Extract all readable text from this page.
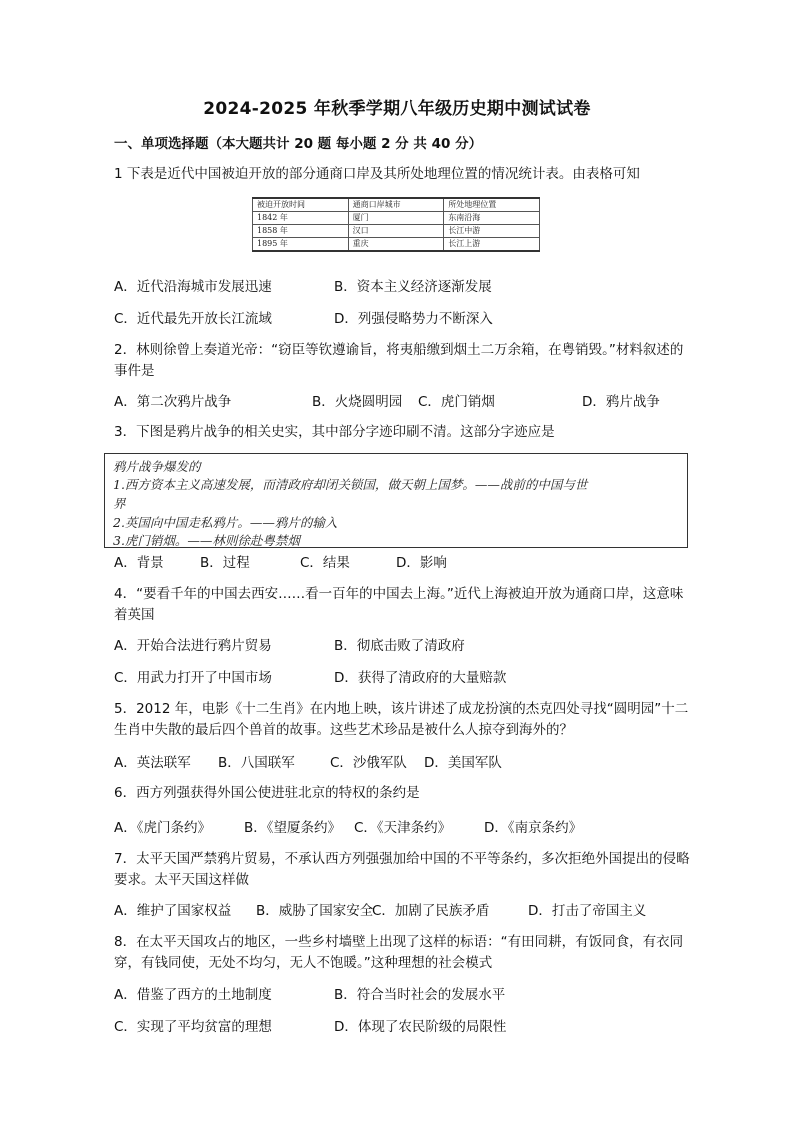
2024-2025 年秋季学期八年级历史期中测试试卷
一、单项选择题（本大题共计 20 题 每小题 2 分 共 40 分）
1 下表是近代中国被迫开放的部分通商口岸及其所处地理位置的情况统计表。由表格可知
被迫开放时间	通商口岸城市	所处地理位置
1842 年	厦门	东南沿海
1858 年	汉口	长江中游
1895 年	重庆	长江上游
A．近代沿海城市发展迅速	B．资本主义经济逐渐发展
C．近代最先开放长江流域	D．列强侵略势力不断深入
2．林则徐曾上奏道光帝：“窃臣等钦遵谕旨，将夷船缴到烟土二万余箱，在粤销毁。”材料叙述的事件是
A．第二次鸦片战争	B．火烧圆明园 C．虎门销烟	D．鸦片战争
3．下图是鸦片战争的相关史实，其中部分字迹印刷不清。这部分字迹应是
鸦片战争爆发的
1.西方资本主义高速发展，而清政府却闭关锁国，做天朝上国梦。——战前的中国与世
界
2.英国向中国走私鸦片。——鸦片的输入
3.虎门销烟。——林则徐赴粤禁烟
A．背景	B．过程	C．结果	D．影响
4．“要看千年的中国去西安……看一百年的中国去上海。”近代上海被迫开放为通商口岸，这意味着英国
A．开始合法进行鸦片贸易	B．彻底击败了清政府
C．用武力打开了中国市场	D．获得了清政府的大量赔款
5．2012 年，电影《十二生肖》在内地上映，该片讲述了成龙扮演的杰克四处寻找“圆明园”十二生肖中失散的最后四个兽首的故事。这些艺术珍品是被什么人掠夺到海外的？
A．英法联军 B．八国联军	C．沙俄军队 D．美国军队
6．西方列强获得外国公使进驻北京的特权的条约是
A．《虎门条约》 B．《望厦条约》 C．《天津条约》 D．《南京条约》
7．太平天国严禁鸦片贸易，不承认西方列强强加给中国的不平等条约，多次拒绝外国提出的侵略要求。太平天国这样做
A．维护了国家权益 B．威胁了国家安全
C．加剧了民族矛盾	D．打击了帝国主义
8．在太平天国攻占的地区，一些乡村墙壁上出现了这样的标语：“有田同耕，有饭同食，有衣同穿，有钱同使，无处不均匀，无人不饱暖。”这种理想的社会模式
A．借鉴了西方的土地制度	B．符合当时社会的发展水平
C．实现了平均贫富的理想	D．体现了农民阶级的局限性
